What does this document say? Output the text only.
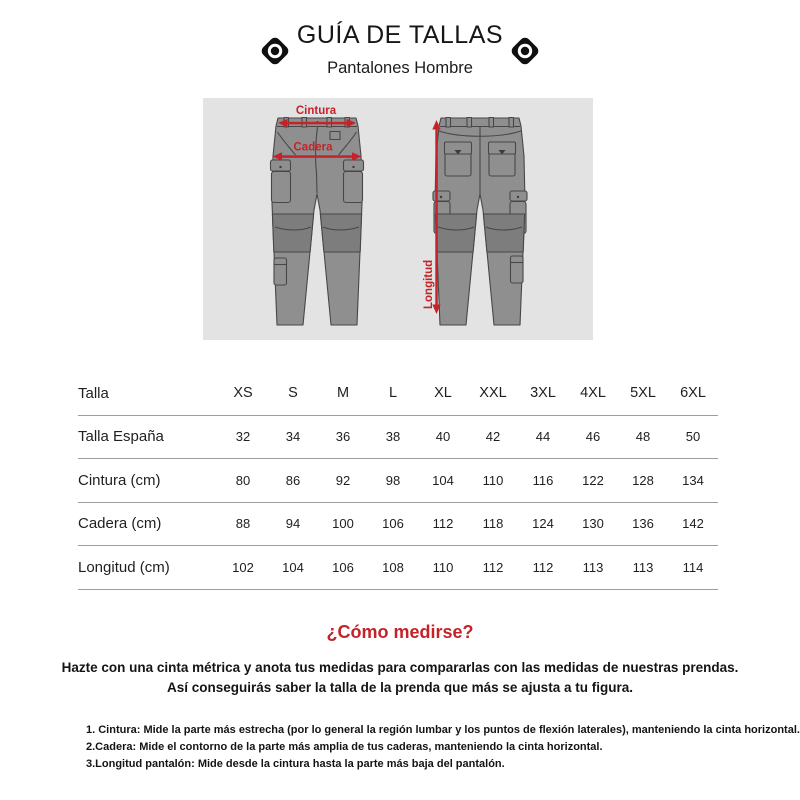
GUÍA DE TALLAS
Pantalones Hombre
Cintura
Cadera
Longitud
Talla	XS	S	M	L	XL	XXL	3XL	4XL	5XL	6XL
Talla España	32	34	36	38	40	42	44	46	48	50
Cintura (cm)	80	86	92	98	104	110	116	122	128	134
Cadera (cm)	88	94	100	106	112	118	124	130	136	142
Longitud (cm)	102	104	106	108	110	112	112	113	113	114
¿Cómo medirse?
Hazte con una cinta métrica y anota tus medidas para compararlas con las medidas de nuestras prendas.
Así conseguirás saber la talla de la prenda que más se ajusta a tu figura.
1. Cintura: Mide la parte más estrecha (por lo general la región lumbar y los puntos de flexión laterales), manteniendo la cinta horizontal.
2.Cadera: Mide el contorno de la parte más amplia de tus caderas, manteniendo la cinta horizontal.
3.Longitud pantalón: Mide desde la cintura hasta la parte más baja del pantalón.
